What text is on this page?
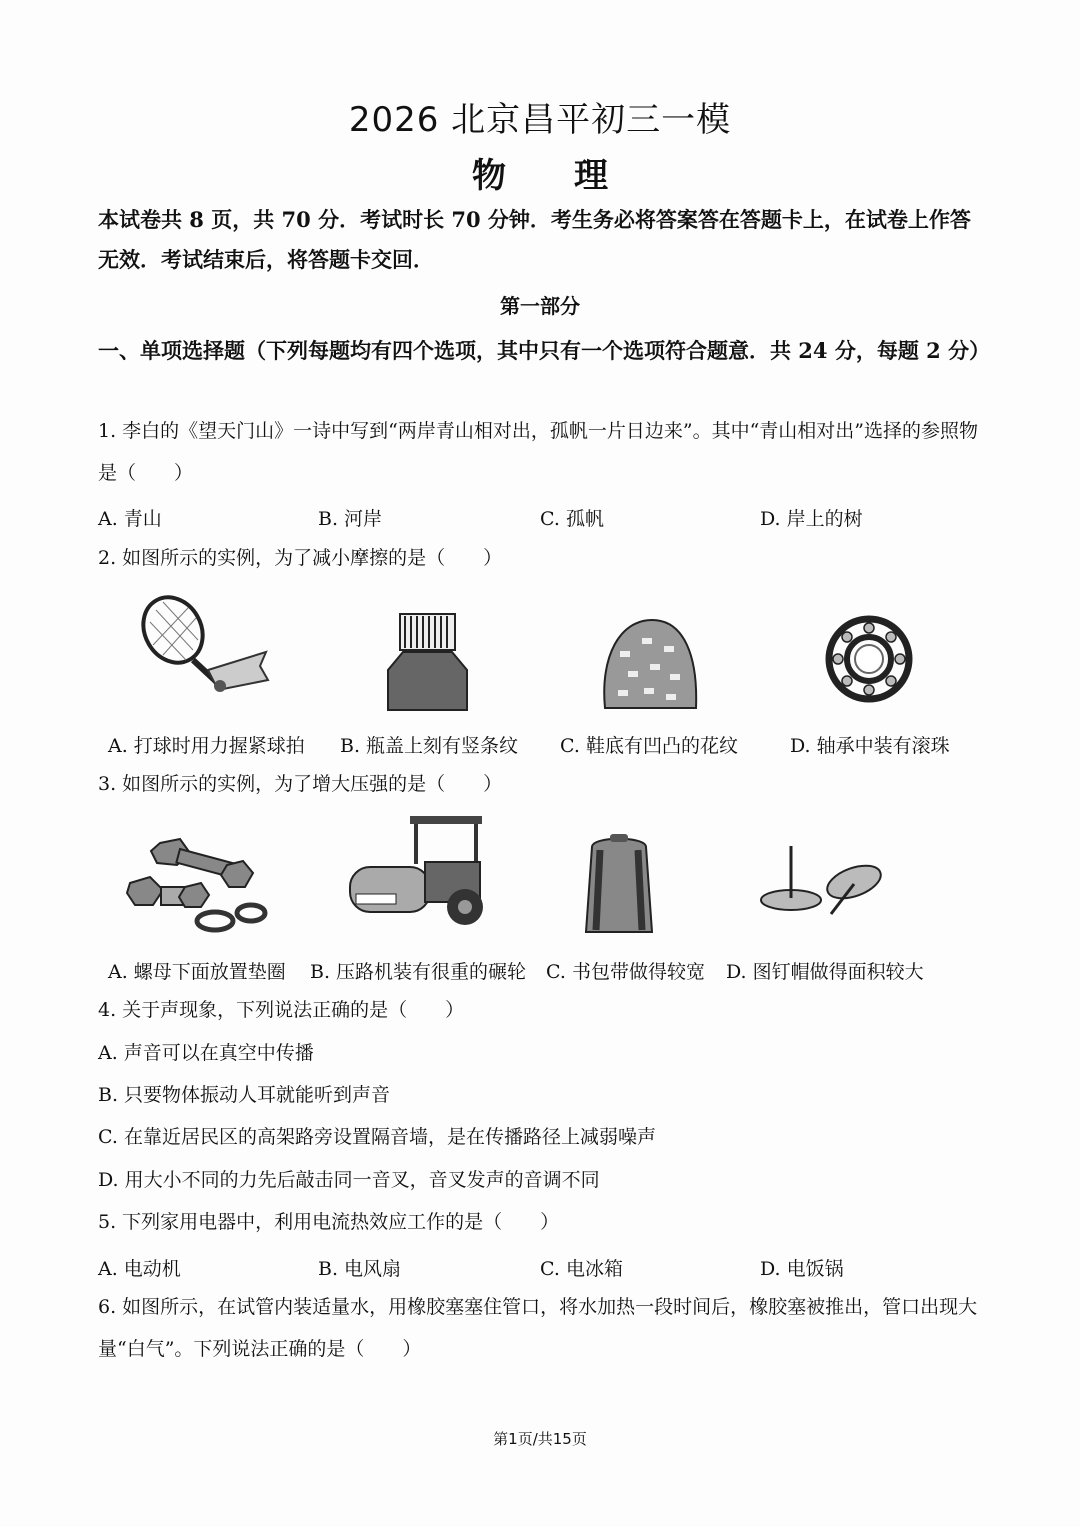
2026 北京昌平初三一模
物 理
本试卷共 8 页，共 70 分．考试时长 70 分钟．考生务必将答案答在答题卡上，在试卷上作答无效．考试结束后，将答题卡交回．
第一部分
一、单项选择题（下列每题均有四个选项，其中只有一个选项符合题意．共 24 分，每题 2 分）
1. 李白的《望天门山》一诗中写到“两岸青山相对出，孤帆一片日边来”。其中“青山相对出”选择的参照物是（　　）
A. 青山	B. 河岸	C. 孤帆	D. 岸上的树
2. 如图所示的实例，为了减小摩擦的是（　　）
A. 打球时用力握紧球拍 B. 瓶盖上刻有竖条纹 C. 鞋底有凹凸的花纹	D. 轴承中装有滚珠
3. 如图所示的实例，为了增大压强的是（　　）
A. 螺母下面放置垫圈 B. 压路机装有很重的碾轮 C. 书包带做得较宽 D. 图钉帽做得面积较大
4. 关于声现象，下列说法正确的是（　　）
A. 声音可以在真空中传播
B. 只要物体振动人耳就能听到声音
C. 在靠近居民区的高架路旁设置隔音墙，是在传播路径上减弱噪声
D. 用大小不同的力先后敲击同一音叉，音叉发声的音调不同
5. 下列家用电器中，利用电流热效应工作的是（　　）
A. 电动机	B. 电风扇	C. 电冰箱	D. 电饭锅
6. 如图所示，在试管内装适量水，用橡胶塞塞住管口，将水加热一段时间后，橡胶塞被推出，管口出现大量“白气”。下列说法正确的是（　　）
第1页/共15页
